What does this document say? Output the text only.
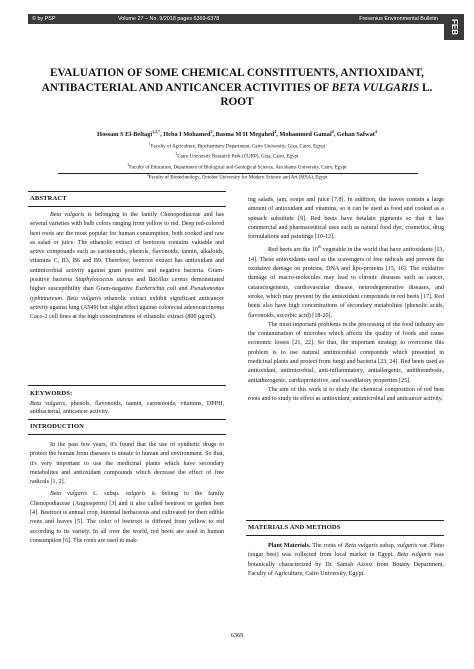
© by PSP	Volume 27 – No. 9/2018 pages 6369-6378	Fresenius Environmental Bulletin	FEB
EVALUATION OF SOME CHEMICAL CONSTITUENTS, ANTIOXIDANT, ANTIBACTERIAL AND ANTICANCER ACTIVITIES OF BETA VULGARIS L. ROOT
Hossam S El-Beltagi$^{1,2,*}$, Heba I Mohamed$^3$, Basma M H Megahed$^4$, Mohammed Gamal$^4$, Gehan Safwat$^4$
$^1$Faculty of Agriculture, Biochemistry Department, Cairo University, Giza, Cairo, Egypt
$^2$Cairo University Research Park (CURP), Giza, Cairo, Egypt
$^3$Faculty of Education, Department of Biological and Geological Science, Ain shams University, Cairo, Egypt
$^4$Faculty of Biotechnology, October University for Modern Science and Art (MSA), Egypt
ABSTRACT

Beta vulgaris is belonging to the family Chenopodiaceae and has several varieties with bulb colors ranging from yellow to red. Deep red-colored beet roots are the most popular for human consumption, both cooked and raw as salad or juice. The ethanolic extract of beetroots contains valuable and active compounds such as carotenoids, phenols, flavonoids, tannin, alkaloids, vitamins C, B3, B6 and B9. Therefore, beetroot extract has antioxidant and antimicrobial activity against gram positive and negative bacteria. Gram-positive bacteria Staphylococcus aureus and Bacillus cereus demonstrated higher susceptibility than Gram-negative Escherichia coli and Pseudomonas typhimureum. Beta vulgaris ethanolic extract exhibit significant anticancer activity against lung (A549) but slight effect against colorectal adenocarcinoma Caco-2 cell lines at the high concentrations of ethanolic extract (800 µg/ml).

KEYWORDS:

Beta vulgaris, phenols, flavonoids, tannin, carotenoids, vitamins, DPPH, antibacterial, anticancer activity.

INTRODUCTION

In the past few years, it's found that the use of synthetic drugs to protect the human from diseases is unsafe to human and environment. So that, it's very important to use the medicinal plants which have secondary metabolites and antioxidant compounds which decrease the effect of free radicals [1, 2].

Beta vulgaris L. subsp. vulgaris is belong to the family Chenopodiaceae (Angiosperm) [3] and it also called beetroot or garden beet [4]. Beetroot is annual crop, biennial herbaceous and cultivated for their edible roots and leaves [5]. The color of beetroot is differed from yellow to red according to its variety. In all over the world, red beets are used in human consumption [6]. The roots are used in mak-

ing salads, jam, soups and juice [7,8]. In addition, the leaves contain a large amount of antioxidant and vitamins, so it can be used as food and cooked as a spinach substitute [9]. Red beets have betalain pigments so that it has commercial and pharmaceutical uses such as natural food dye, cosmetics, drug formulations and paintings [10-12].

Red beets are the 10th vegetable in the world that have antioxidants [13, 14]. These antioxidants used as the scavengers of free radicals and prevent the oxidative damage on proteins, DNA and lipo-proteins [15, 16]. The oxidative damage of macro-molecules may lead to chronic diseases such as cancer, cataractogenesis, cardiovascular disease, neurodegenerative diseases, and stroke, which may prevent by the antioxidant compounds in red beets [17]. Red beets also have high concentrations of secondary metabolites (phenolic acids, flavonoids, ascorbic acid) [18-20].

The most important problems in the processing of the food industry are the contamination of microbes which affects the quality of foods and cause economic losses [21, 22]. So that, the important strategy to overcome this problem is to use natural antimicrobial compounds which presented in medicinal plants and protect from fungi and bacteria [23, 24]. Red beets used as antioxidant, antimicrobial, anti-inflammatory, antiallergenic, antithrombotic, antiatherogenic, cardioprotective, and vasodilatory properties [25].

The aim of this work is to study the chemical composition of red beet roots and to study its effect as antioxidant, antimicrobial and anticancer activity.

MATERIALS AND METHODS

Plant Materials. The roots of Beta vulgaris subsp. vulgaris var. Plano (sugar beet) was collected from local market in Egypt. Beta vulgaris was botanically characterized by Dr. Samah Azooz from Botany Department, Faculty of Agriculture, Cairo University, Egypt.

6369
